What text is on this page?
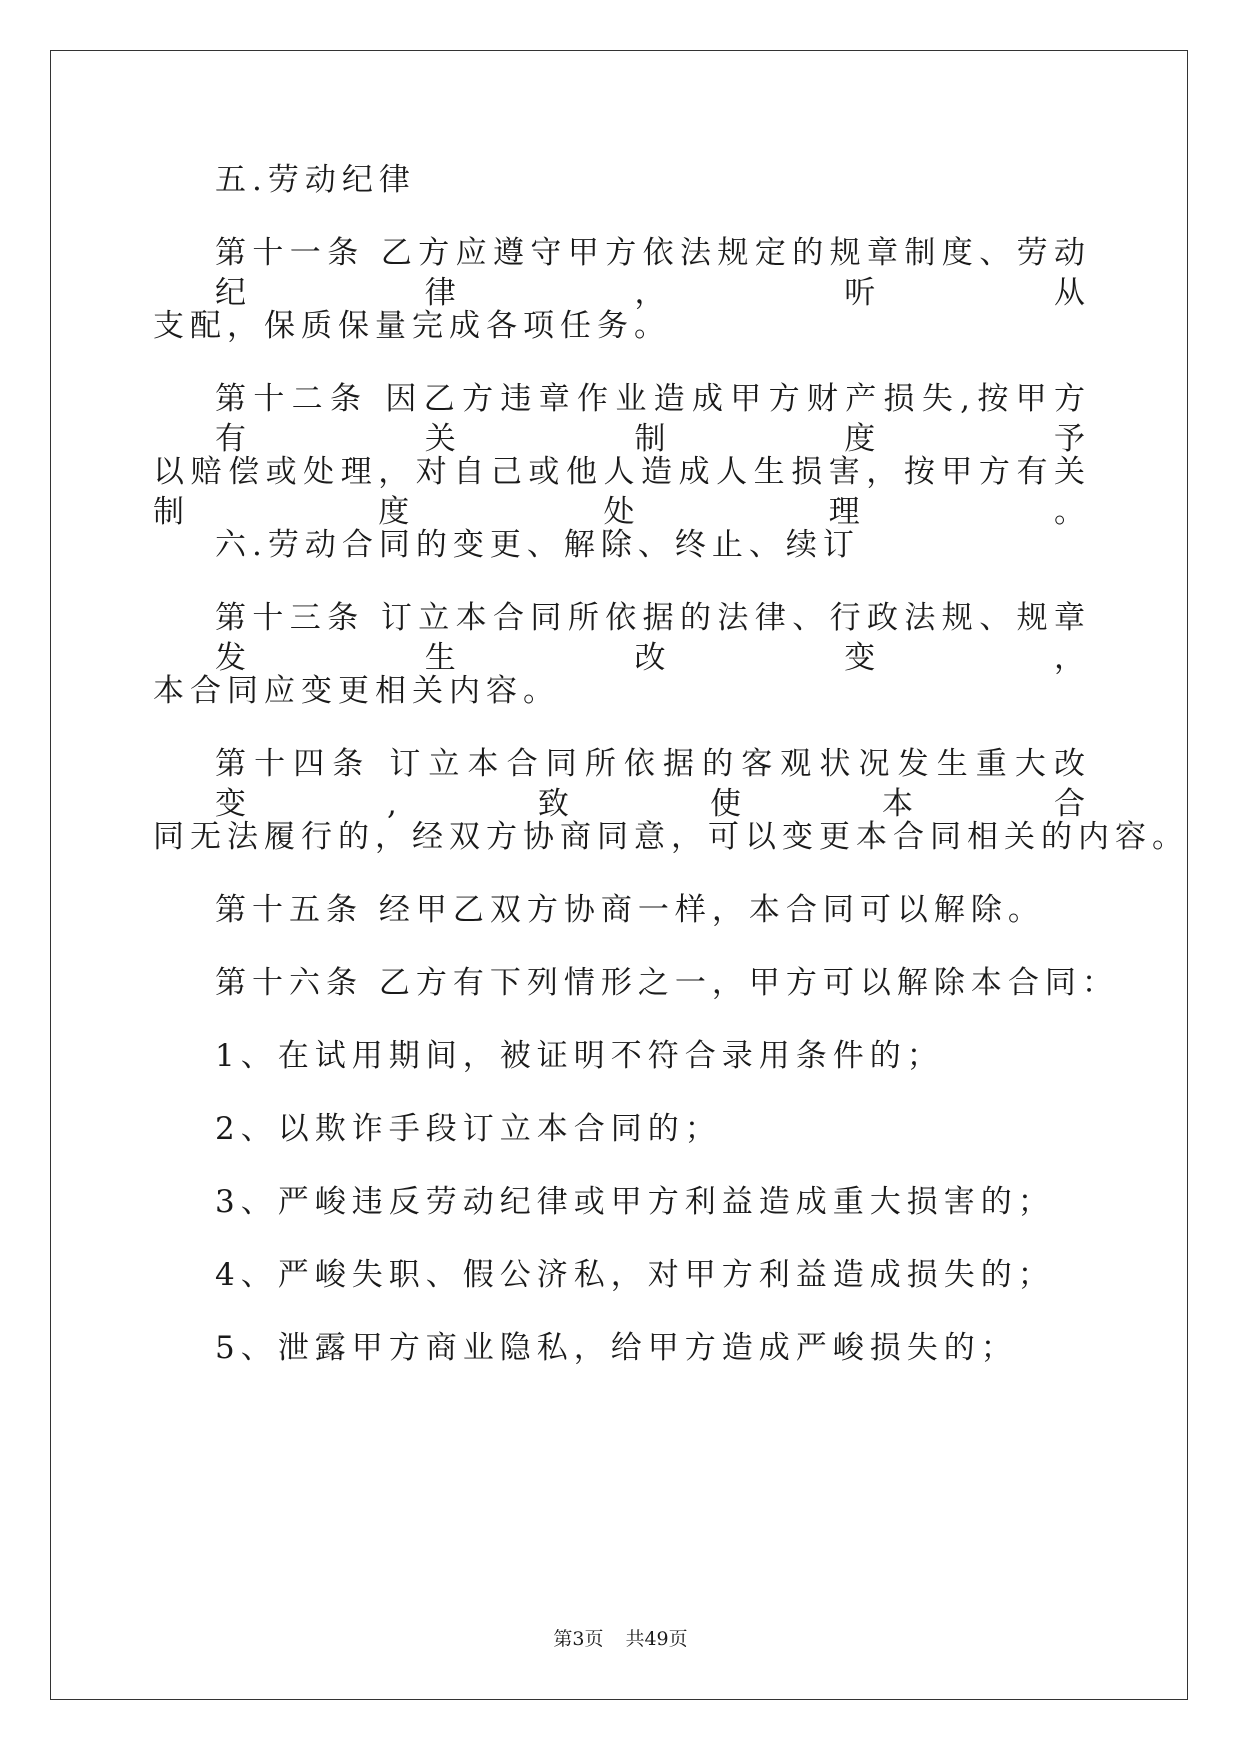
五.劳动纪律
第十一条 乙方应遵守甲方依法规定的规章制度、劳动纪律，听从
支配，保质保量完成各项任务。
第十二条 因乙方违章作业造成甲方财产损失,按甲方有关制度予
以赔偿或处理，对自己或他人造成人生损害，按甲方有关制度处理。
六.劳动合同的变更、解除、终止、续订
第十三条 订立本合同所依据的法律、行政法规、规章发生改变，
本合同应变更相关内容。
第十四条 订立本合同所依据的客观状况发生重大改变,致使本合
同无法履行的，经双方协商同意，可以变更本合同相关的内容。
第十五条 经甲乙双方协商一样，本合同可以解除。
第十六条 乙方有下列情形之一，甲方可以解除本合同：
1、在试用期间，被证明不符合录用条件的；
2、以欺诈手段订立本合同的；
3、严峻违反劳动纪律或甲方利益造成重大损害的；
4、严峻失职、假公济私，对甲方利益造成损失的；
5、泄露甲方商业隐私，给甲方造成严峻损失的；
第3页 共49页
